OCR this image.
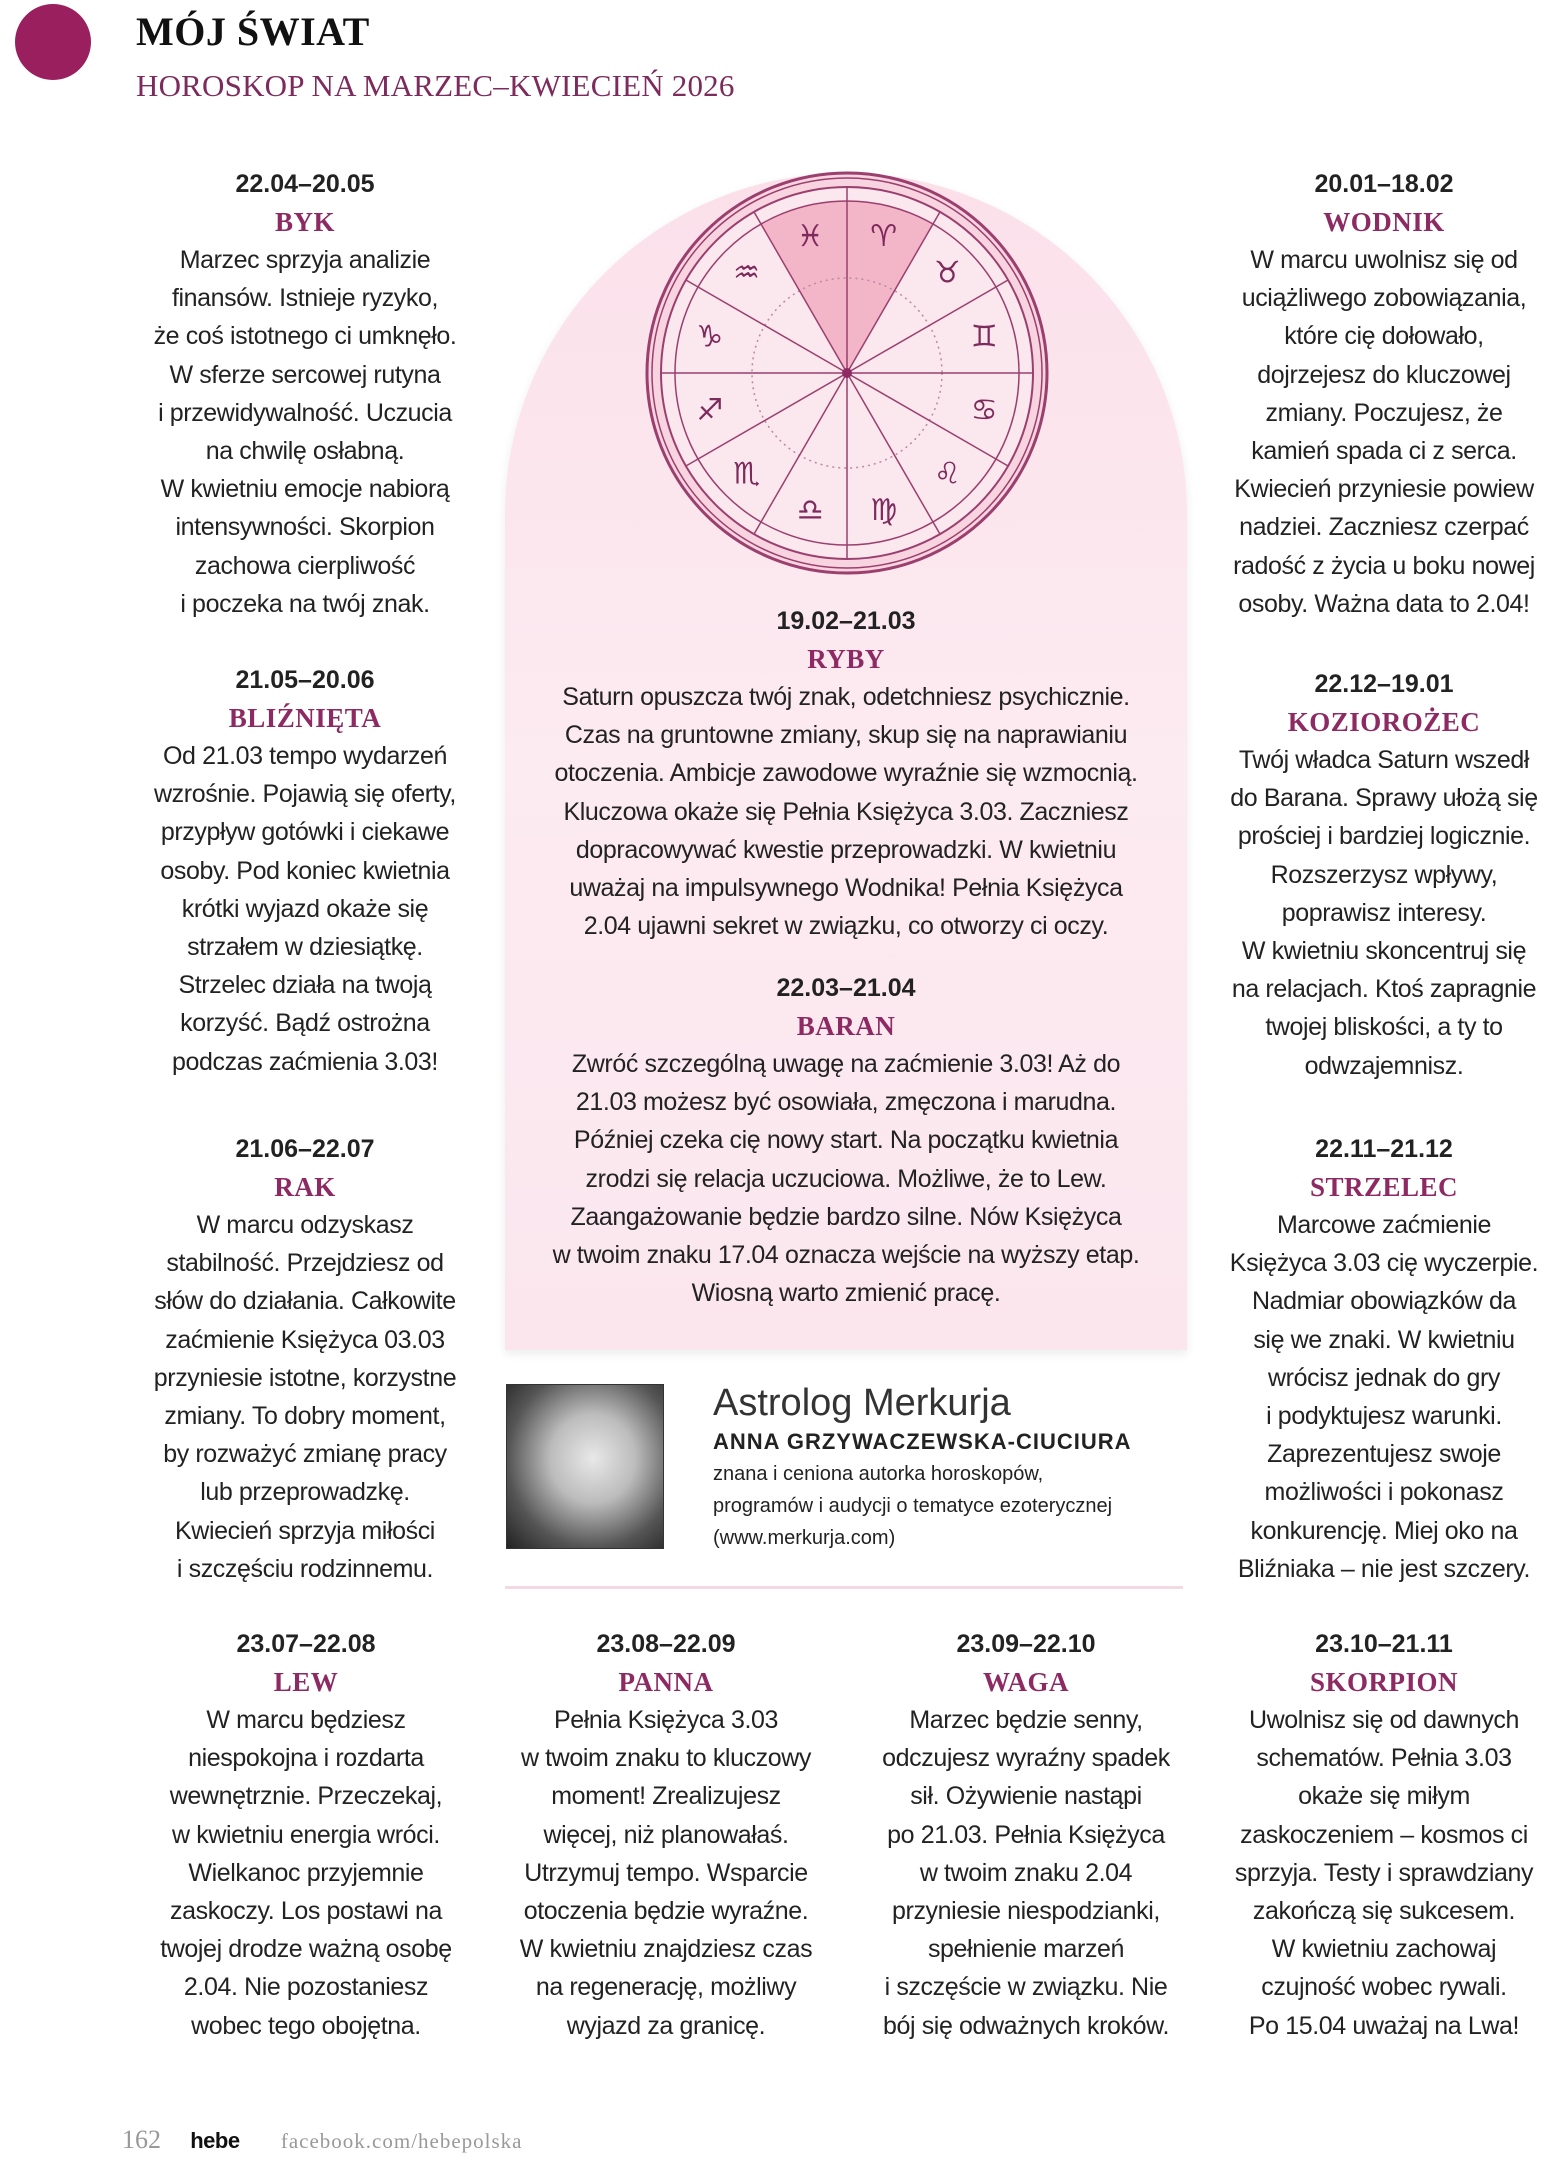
MÓJ ŚWIAT
HOROSKOP NA MARZEC–KWIECIEŃ 2026
♈︎
♉︎
♊︎
♋︎
♌︎
♍︎
♎︎
♏︎
♐︎
♑︎
♒︎
♓︎
22.04–20.05
BYK
Marzec sprzyja analizie
finansów. Istnieje ryzyko,
że coś istotnego ci umknęło.
W sferze sercowej rutyna
i przewidywalność. Uczucia
na chwilę osłabną.
W kwietniu emocje nabiorą
intensywności. Skorpion
zachowa cierpliwość
i poczeka na twój znak.
21.05–20.06
BLIŹNIĘTA
Od 21.03 tempo wydarzeń
wzrośnie. Pojawią się oferty,
przypływ gotówki i ciekawe
osoby. Pod koniec kwietnia
krótki wyjazd okaże się
strzałem w dziesiątkę.
Strzelec działa na twoją
korzyść. Bądź ostrożna
podczas zaćmienia 3.03!
21.06–22.07
RAK
W marcu odzyskasz
stabilność. Przejdziesz od
słów do działania. Całkowite
zaćmienie Księżyca 03.03
przyniesie istotne, korzystne
zmiany. To dobry moment,
by rozważyć zmianę pracy
lub przeprowadzkę.
Kwiecień sprzyja miłości
i szczęściu rodzinnemu.
20.01–18.02
WODNIK
W marcu uwolnisz się od
uciążliwego zobowiązania,
które cię dołowało,
dojrzejesz do kluczowej
zmiany. Poczujesz, że
kamień spada ci z serca.
Kwiecień przyniesie powiew
nadziei. Zaczniesz czerpać
radość z życia u boku nowej
osoby. Ważna data to 2.04!
22.12–19.01
KOZIOROŻEC
Twój władca Saturn wszedł
do Barana. Sprawy ułożą się
prościej i bardziej logicznie.
Rozszerzysz wpływy,
poprawisz interesy.
W kwietniu skoncentruj się
na relacjach. Ktoś zapragnie
twojej bliskości, a ty to
odwzajemnisz.
22.11–21.12
STRZELEC
Marcowe zaćmienie
Księżyca 3.03 cię wyczerpie.
Nadmiar obowiązków da
się we znaki. W kwietniu
wrócisz jednak do gry
i podyktujesz warunki.
Zaprezentujesz swoje
możliwości i pokonasz
konkurencję. Miej oko na
Bliźniaka – nie jest szczery.
19.02–21.03
RYBY
Saturn opuszcza twój znak, odetchniesz psychicznie.
Czas na gruntowne zmiany, skup się na naprawianiu
otoczenia. Ambicje zawodowe wyraźnie się wzmocnią.
Kluczowa okaże się Pełnia Księżyca 3.03. Zaczniesz
dopracowywać kwestie przeprowadzki. W kwietniu
uważaj na impulsywnego Wodnika! Pełnia Księżyca
2.04 ujawni sekret w związku, co otworzy ci oczy.
22.03–21.04
BARAN
Zwróć szczególną uwagę na zaćmienie 3.03! Aż do
21.03 możesz być osowiała, zmęczona i marudna.
Później czeka cię nowy start. Na początku kwietnia
zrodzi się relacja uczuciowa. Możliwe, że to Lew.
Zaangażowanie będzie bardzo silne. Nów Księżyca
w twoim znaku 17.04 oznacza wejście na wyższy etap.
Wiosną warto zmienić pracę.
Astrolog Merkurja
ANNA GRZYWACZEWSKA-CIUCIURA
znana i ceniona autorka horoskopów,
programów i audycji o tematyce ezoterycznej
(www.merkurja.com)
23.07–22.08
LEW
W marcu będziesz
niespokojna i rozdarta
wewnętrznie. Przeczekaj,
w kwietniu energia wróci.
Wielkanoc przyjemnie
zaskoczy. Los postawi na
twojej drodze ważną osobę
2.04. Nie pozostaniesz
wobec tego obojętna.
23.08–22.09
PANNA
Pełnia Księżyca 3.03
w twoim znaku to kluczowy
moment! Zrealizujesz
więcej, niż planowałaś.
Utrzymuj tempo. Wsparcie
otoczenia będzie wyraźne.
W kwietniu znajdziesz czas
na regenerację, możliwy
wyjazd za granicę.
23.09–22.10
WAGA
Marzec będzie senny,
odczujesz wyraźny spadek
sił. Ożywienie nastąpi
po 21.03. Pełnia Księżyca
w twoim znaku 2.04
przyniesie niespodzianki,
spełnienie marzeń
i szczęście w związku. Nie
bój się odważnych kroków.
23.10–21.11
SKORPION
Uwolnisz się od dawnych
schematów. Pełnia 3.03
okaże się miłym
zaskoczeniem – kosmos ci
sprzyja. Testy i sprawdziany
zakończą się sukcesem.
W kwietniu zachowaj
czujność wobec rywali.
Po 15.04 uważaj na Lwa!
162 hebe facebook.com/hebepolska
